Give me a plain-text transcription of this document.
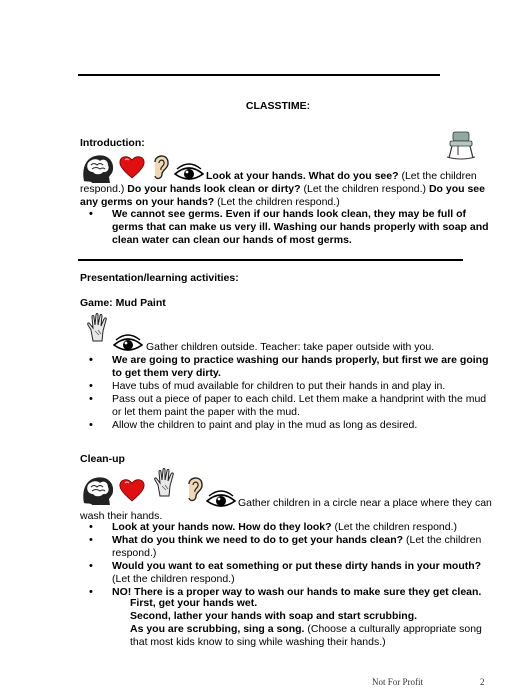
CLASSTIME:
Introduction:
Look at your hands. What do you see? (Let the children respond.) Do your hands look clean or dirty? (Let the children respond.) Do you see any germs on your hands? (Let the children respond.)
• We cannot see germs. Even if our hands look clean, they may be full of germs that can make us very ill. Washing our hands properly with soap and clean water can clean our hands of most germs.
Presentation/learning activities:
Game: Mud Paint
Gather children outside. Teacher: take paper outside with you.
• We are going to practice washing our hands properly, but first we are going to get them very dirty.
• Have tubs of mud available for children to put their hands in and play in.
• Pass out a piece of paper to each child. Let them make a handprint with the mud or let them paint the paper with the mud.
• Allow the children to paint and play in the mud as long as desired.
Clean-up
Gather children in a circle near a place where they can wash their hands.
• Look at your hands now. How do they look? (Let the children respond.)
• What do you think we need to do to get your hands clean? (Let the children respond.)
• Would you want to eat something or put these dirty hands in your mouth? (Let the children respond.)
• NO! There is a proper way to wash our hands to make sure they get clean.
First, get your hands wet.
Second, lather your hands with soap and start scrubbing.
As you are scrubbing, sing a song. (Choose a culturally appropriate song that most kids know to sing while washing their hands.)
Not For Profit	2
